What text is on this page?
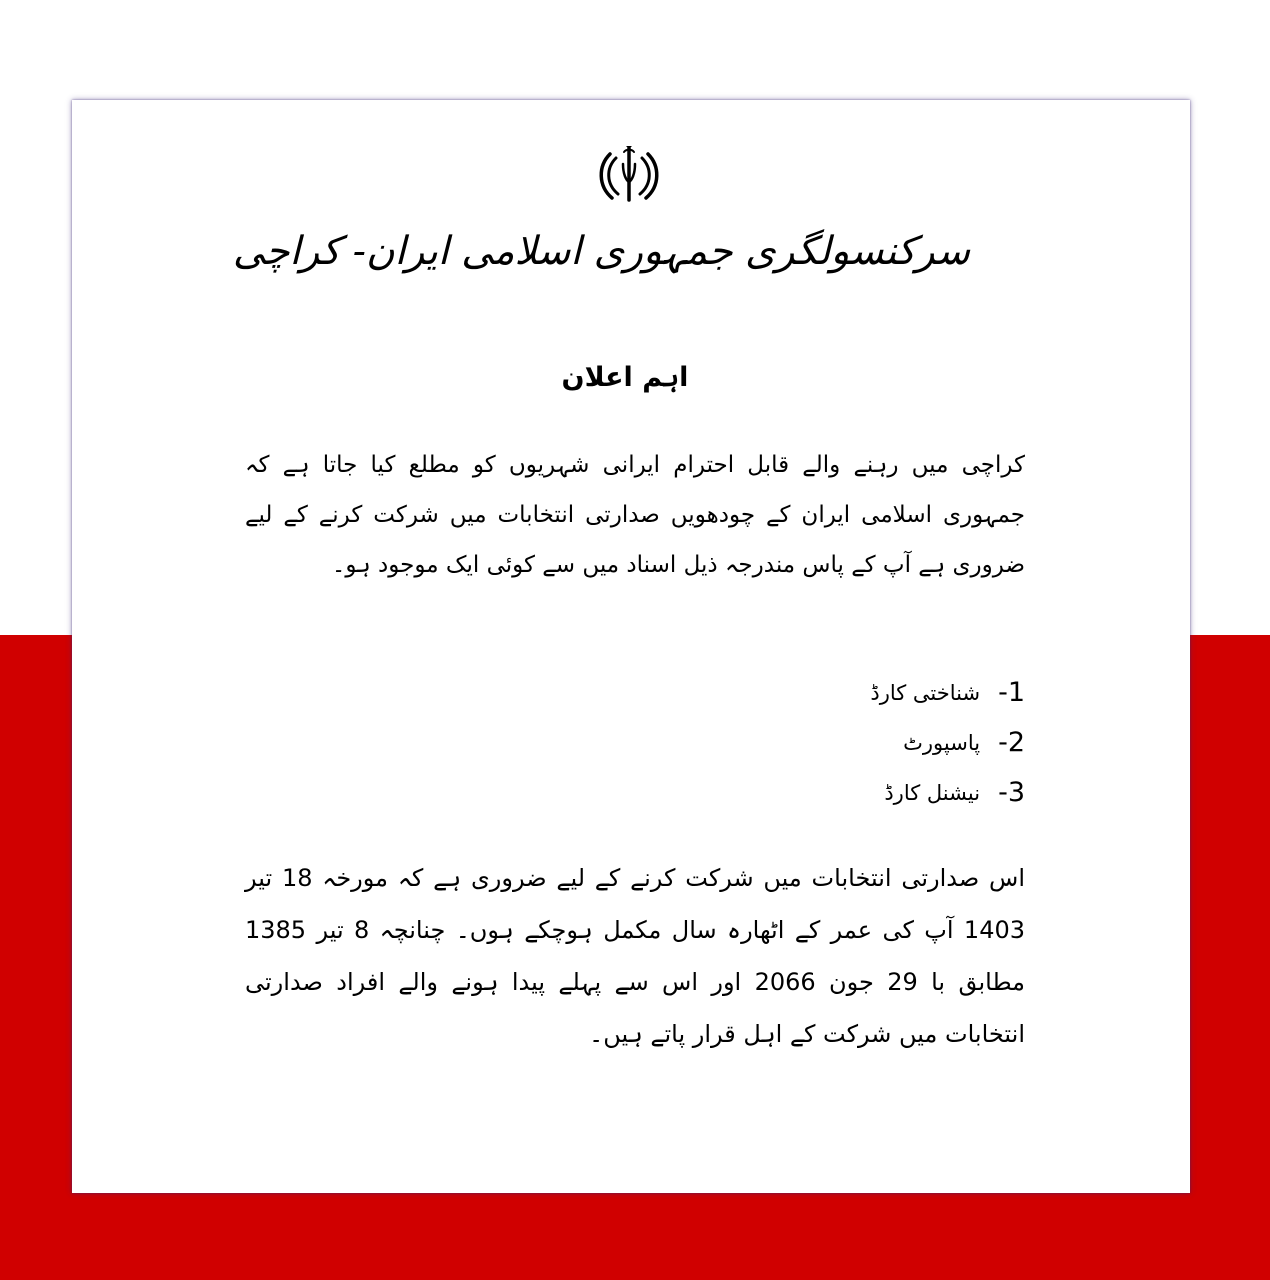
سرکنسولگری جمہوری اسلامی ایران- کراچی
اہم اعلان

کراچی میں رہنے والے قابل احترام ایرانی شہریوں کو مطلع کیا جاتا ہے کہ جمہوری اسلامی ایران کے چودھویں صدارتی انتخابات میں شرکت کرنے کے لیے ضروری ہے آپ کے پاس مندرجہ ذیل اسناد میں سے کوئی ایک موجود ہو۔

1-
شناختی کارڈ
2-
پاسپورٹ
3-
نیشنل کارڈ

اس صدارتی انتخابات میں شرکت کرنے کے لیے ضروری ہے کہ مورخہ 18 تیر 1403 آپ کی عمر کے اٹھارہ سال مکمل ہوچکے ہوں۔ چنانچہ 8 تیر 1385 مطابق با 29 جون 2066 اور اس سے پہلے پیدا ہونے والے افراد صدارتی انتخابات میں شرکت کے اہل قرار پاتے ہیں۔
